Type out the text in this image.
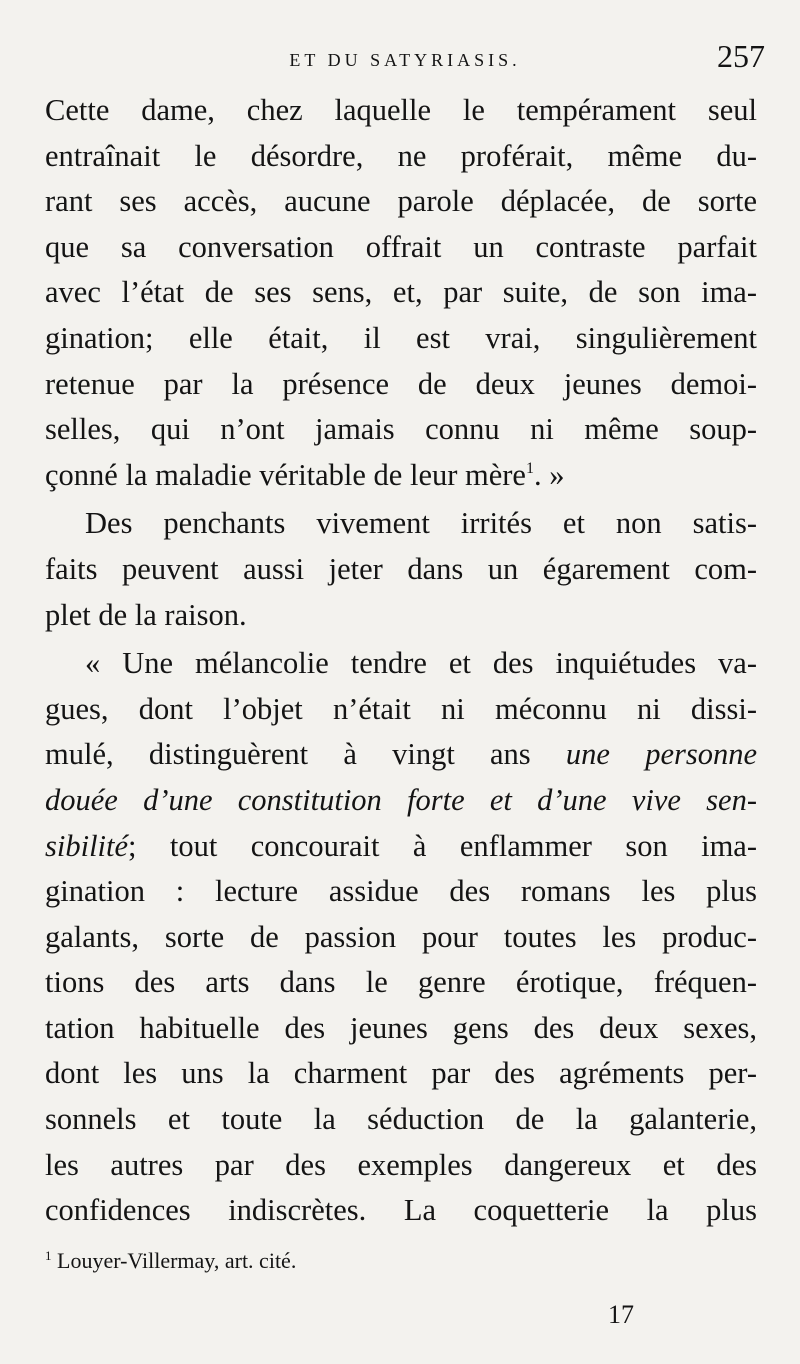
ET DU SATYRIASIS.	257
Cette dame, chez laquelle le tempérament seul
entraînait le désordre, ne proférait, même du-
rant ses accès, aucune parole déplacée, de sorte
que sa conversation offrait un contraste parfait
avec l’état de ses sens, et, par suite, de son ima-
gination; elle était, il est vrai, singulièrement
retenue par la présence de deux jeunes demoi-
selles, qui n’ont jamais connu ni même soup-
çonné la maladie véritable de leur mère$^1$. »
Des penchants vivement irrités et non satis-
faits peuvent aussi jeter dans un égarement com-
plet de la raison.
« Une mélancolie tendre et des inquiétudes va-
gues, dont l’objet n’était ni méconnu ni dissi-
mulé, distinguèrent à vingt ans une personne
douée d’une constitution forte et d’une vive sen-
sibilité; tout concourait à enflammer son ima-
gination : lecture assidue des romans les plus
galants, sorte de passion pour toutes les produc-
tions des arts dans le genre érotique, fréquen-
tation habituelle des jeunes gens des deux sexes,
dont les uns la charment par des agréments per-
sonnels et toute la séduction de la galanterie,
les autres par des exemples dangereux et des
confidences indiscrètes. La coquetterie la plus
$^1$ Louyer-Villermay, art. cité.
17
